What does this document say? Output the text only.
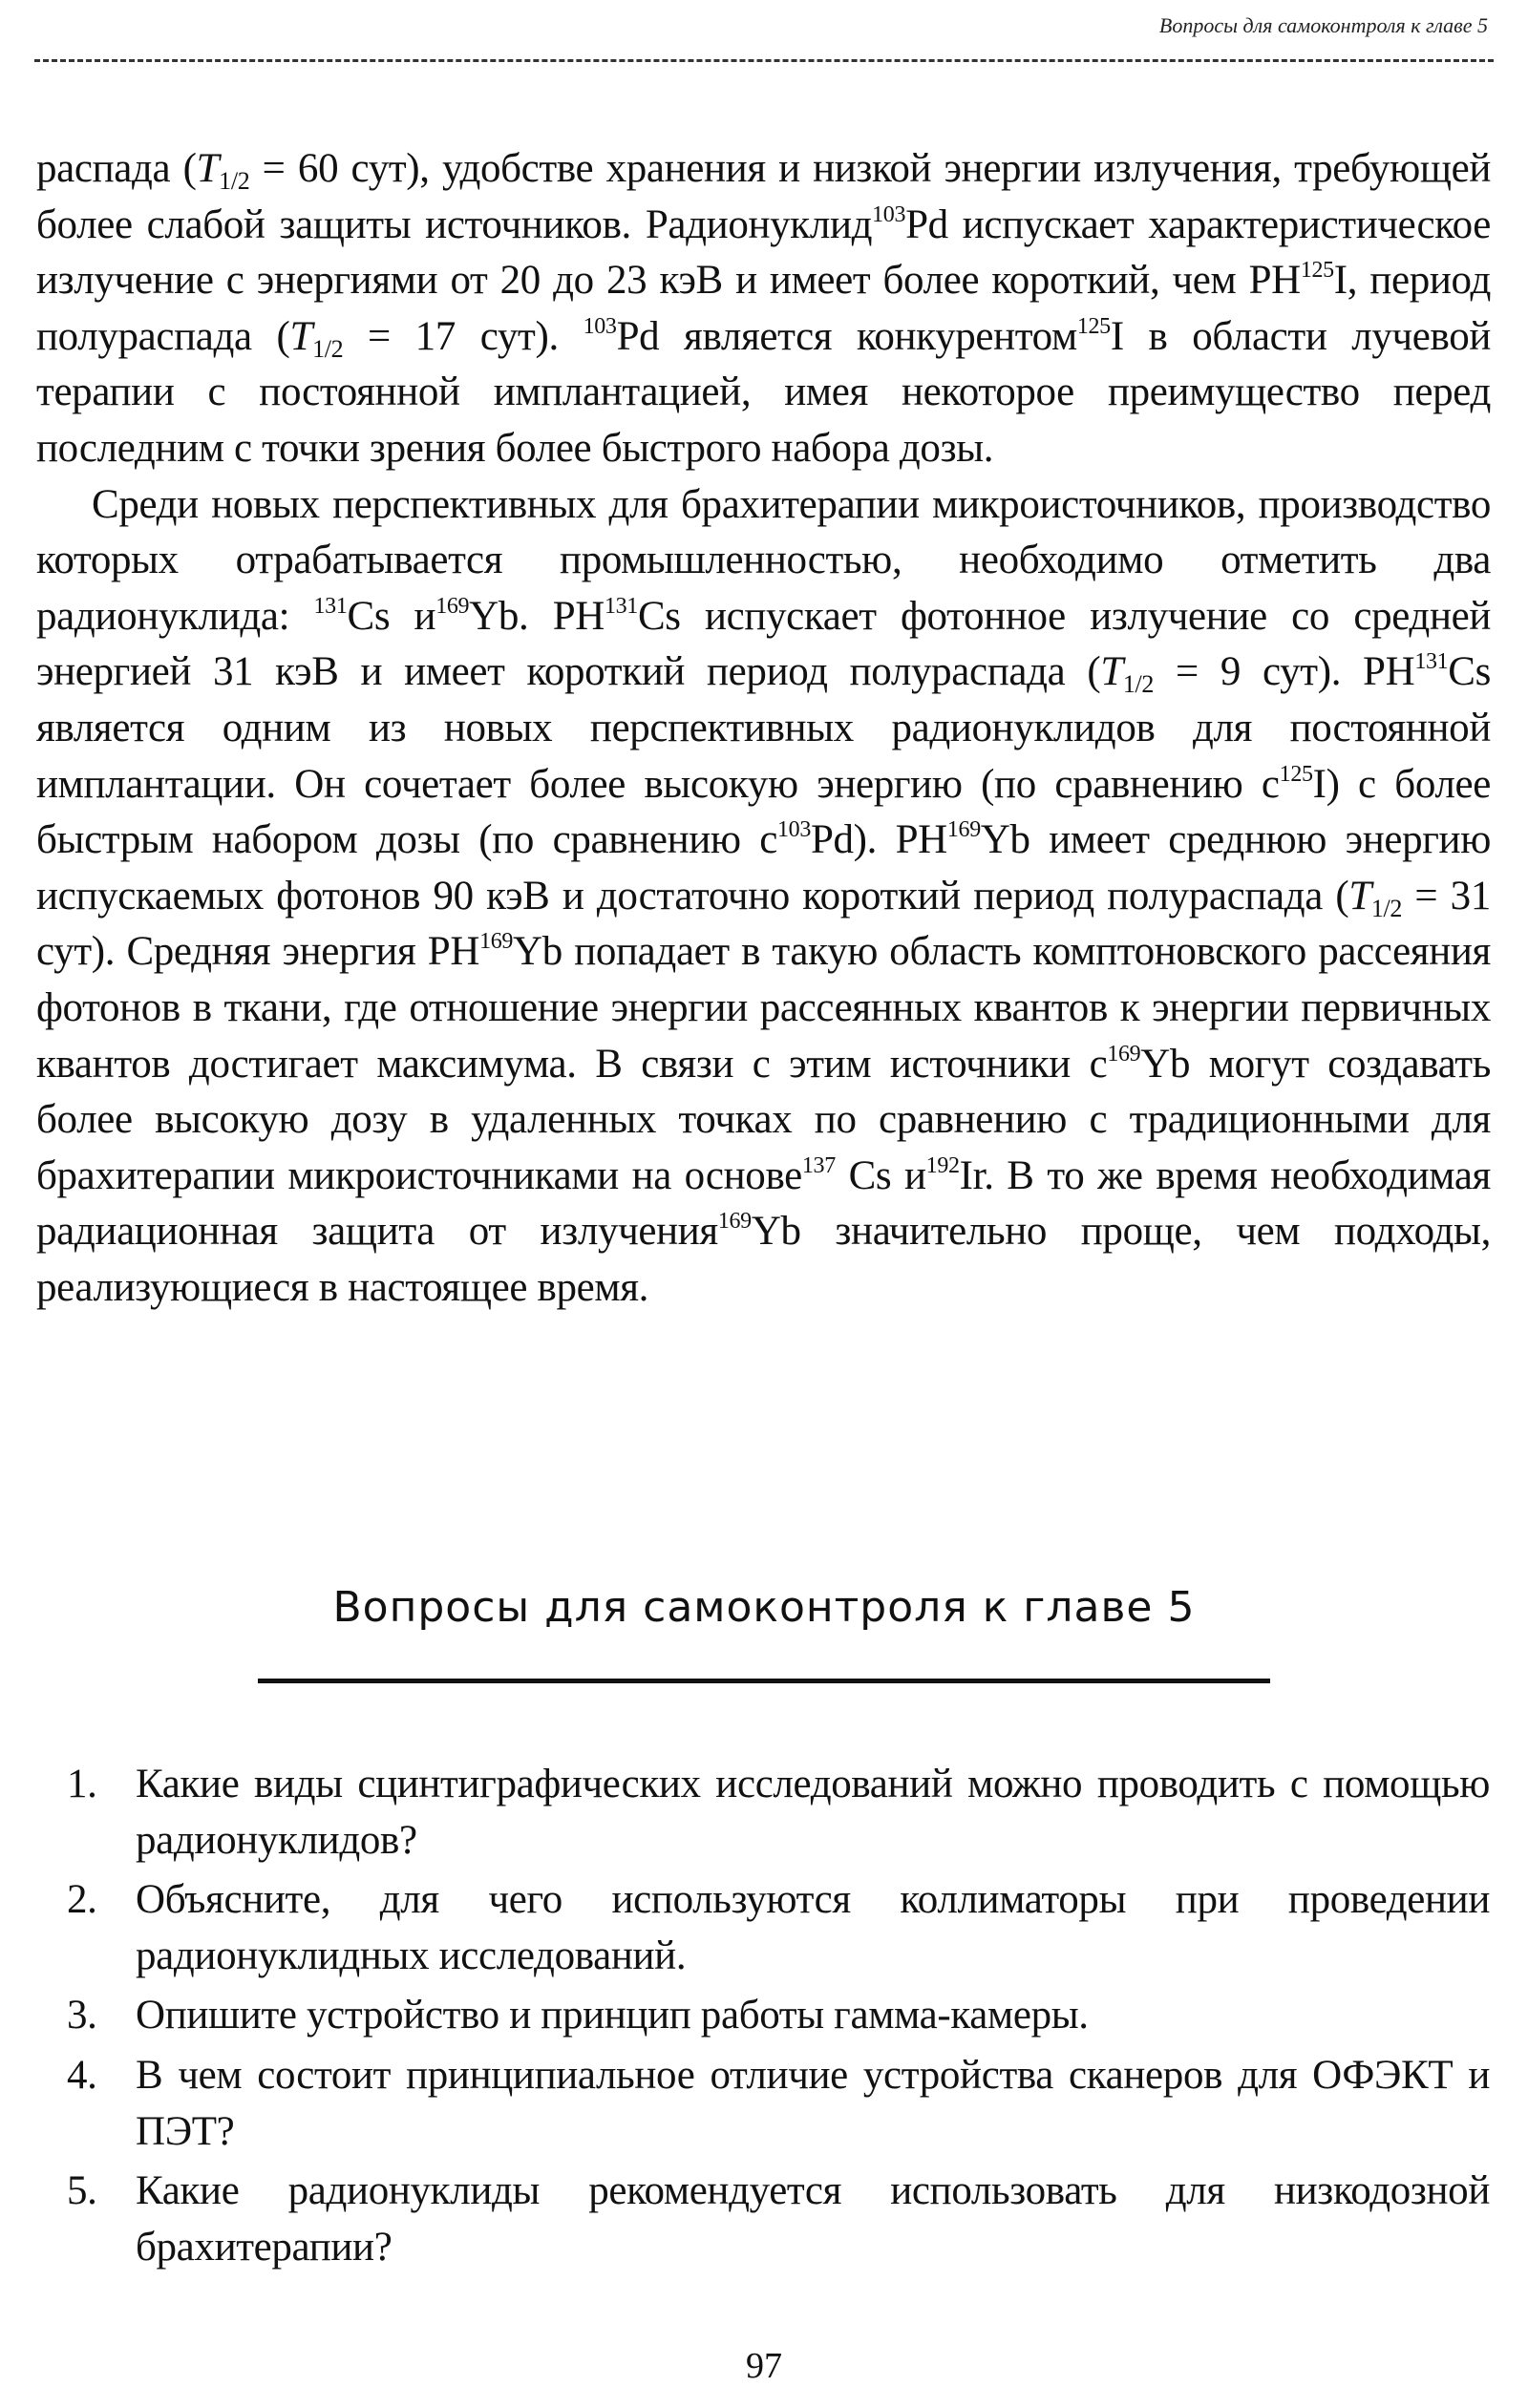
Вопросы для самоконтроля к главе 5

распада ($T_{1/2} = 60$ сут), удобстве хранения и низкой энергии излучения, требующей более слабой защиты источников. Радионуклид$^{103}$Pd испускает характеристическое излучение с энергиями от 20 до 23 кэВ и имеет более короткий, чем РН$^{125}$I, период полураспада ($T_{1/2} = 17$ сут). $^{103}$Pd является конкурентом$^{125}$I в области лучевой терапии с постоянной имплантацией, имея некоторое преимущество перед последним с точки зрения более быстрого набора дозы.

Среди новых перспективных для брахитерапии микроисточников, производство которых отрабатывается промышленностью, необходимо отметить два радионуклида: $^{131}$Cs $и^{169}Yb$. РН$^{131}$Cs испускает фотонное излучение со средней энергией 31 кэВ и имеет короткий период полураспада ($T_{1/2} = 9$ сут). РН$^{131}$Cs является одним из новых перспективных радионуклидов для постоянной имплантации. Он сочетает более высокую энергию (по сравнению $с^{125}I$) с более быстрым набором дозы (по сравнению $с^{103}Pd$). РН$^{169}$Yb имеет среднюю энергию испускаемых фотонов 90 кэВ и достаточно короткий период полураспада ($T_{1/2} = 31$ сут). Средняя энергия РН$^{169}$Yb попадает в такую область комптоновского рассеяния фотонов в ткани, где отношение энергии рассеянных квантов к энергии первичных квантов достигает максимума. В связи с этим источники $с^{169}Yb$ могут создавать более высокую дозу в удаленных точках по сравнению с традиционными для брахитерапии микроисточниками на основе$^{137}$ Cs $и^{192}Ir$. В то же время необходимая радиационная защита от излучения$^{169}$Yb значительно проще, чем подходы, реализующиеся в настоящее время.

Вопросы для самоконтроля к главе 5
1. Какие виды сцинтиграфических исследований можно проводить с помощью радионуклидов?
2. Объясните, для чего используются коллиматоры при проведении радионуклидных исследований.
3. Опишите устройство и принцип работы гамма-камеры.
4. В чем состоит принципиальное отличие устройства сканеров для ОФЭКТ и ПЭТ?
5. Какие радионуклиды рекомендуется использовать для низкодозной брахитерапии?
97
